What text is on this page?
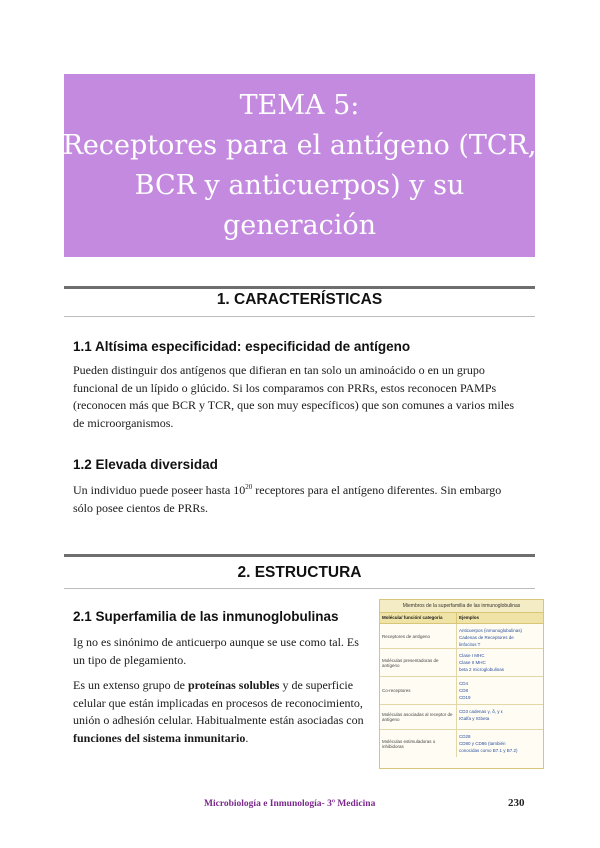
TEMA 5:
Receptores para el antígeno (TCR,
BCR y anticuerpos) y su
generación
1. CARACTERÍSTICAS
1.1 Altísima especificidad: especificidad de antígeno
Pueden distinguir dos antígenos que difieran en tan solo un aminoácido o en un grupo
funcional de un lípido o glúcido. Si los comparamos con PRRs, estos reconocen PAMPs
(reconocen más que BCR y TCR, que son muy específicos) que son comunes a varios miles
de microorganismos.
1.2 Elevada diversidad
Un individuo puede poseer hasta $10^{20}$ receptores para el antígeno diferentes. Sin embargo
sólo posee cientos de PRRs.
2. ESTRUCTURA
2.1 Superfamilia de las inmunoglobulinas
Ig no es sinónimo de anticuerpo aunque se use como tal. Es
un tipo de plegamiento.
Es un extenso grupo de proteínas solubles y de superficie
celular que están implicadas en procesos de reconocimiento,
unión o adhesión celular. Habitualmente están asociadas con
funciones del sistema inmunitario.
Miembros de la superfamilia de las inmunoglobulinas
Molécula/ función/ categoría	Ejemplos
Receptores de antígeno
Anticuerpos (inmunoglobulinas)
Cadenas de Receptores de
linfocitos T
Moléculas presentadoras de antígeno
Clase I MHC
Clase II MHC
beta 2 microglobulinas
Co-receptores
CD4
CD8
CD19
Moléculas asociadas al receptor de antígeno
CD3 cadenas γ, δ, y ε
IGalfa y IGbeta
Moléculas estimuladoras o inhibidoras
CD28
CD80 y CD86 (también
conocidas como B7.1 y B7.2)
Microbiología e Inmunología- 3º Medicina	230
